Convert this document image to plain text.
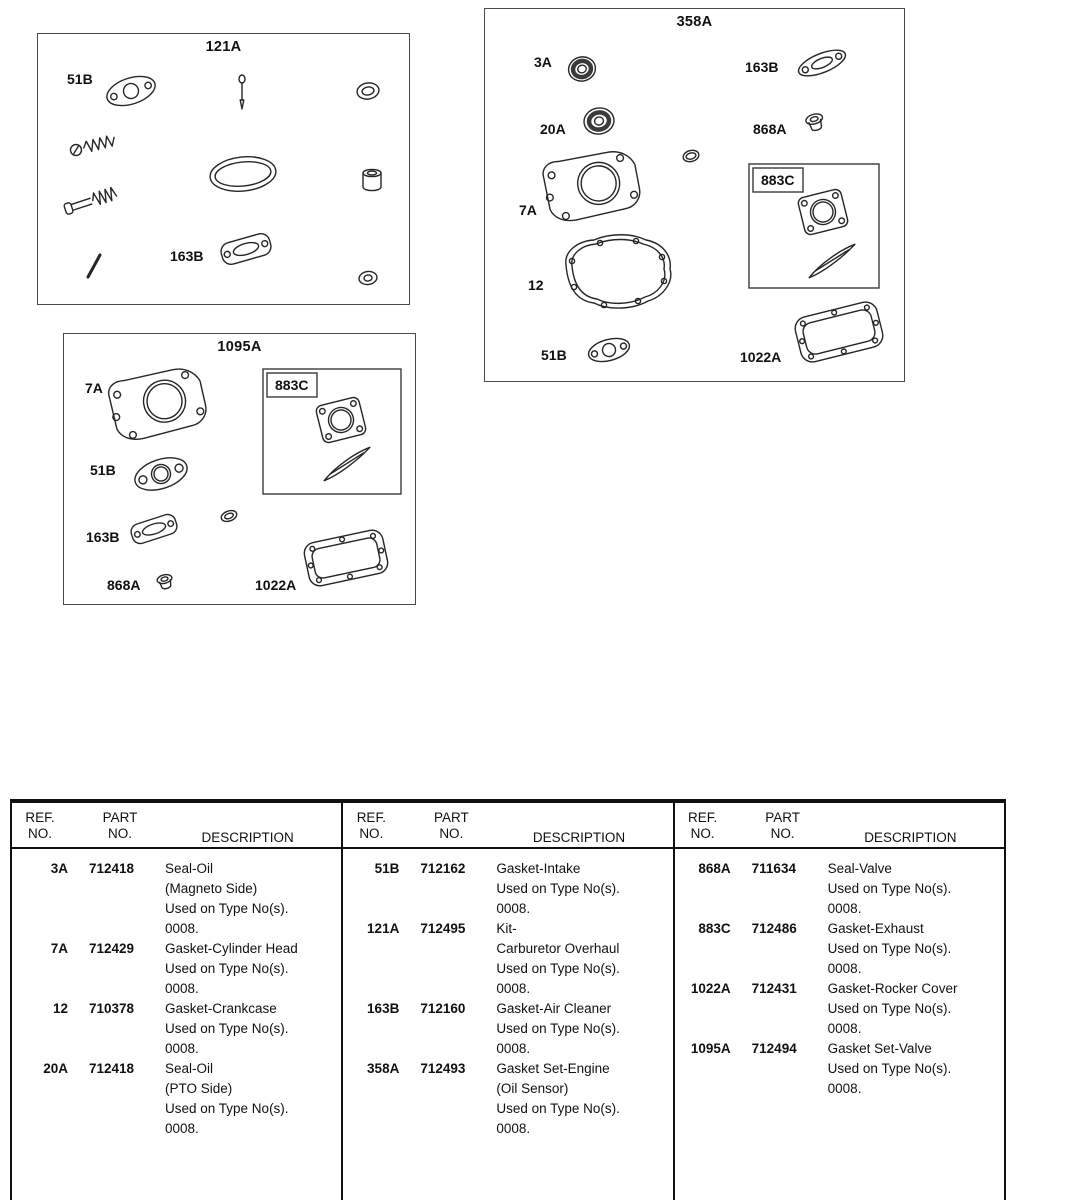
121A
51B
163B
358A
3A	163B
20A	868A
7A
883C
12
51B	1022A
1095A
7A	883C
51B
163B
868A	1022A
REF.
NO.
PART
NO.	DESCRIPTION
3A 712418	Seal-Oil
(Magneto Side)
Used on Type No(s).
0008.
7A 712429	Gasket-Cylinder Head
Used on Type No(s).
0008.
12 710378	Gasket-Crankcase
Used on Type No(s).
0008.
20A 712418	Seal-Oil
(PTO Side)
Used on Type No(s).
0008.
REF.
NO.
PART
NO.	DESCRIPTION
51B 712162	Gasket-Intake
Used on Type No(s).
0008.
121A 712495	Kit-
Carburetor Overhaul
Used on Type No(s).
0008.
163B 712160	Gasket-Air Cleaner
Used on Type No(s).
0008.
358A 712493	Gasket Set-Engine
(Oil Sensor)
Used on Type No(s).
0008.
REF.
NO.
PART
NO.	DESCRIPTION
868A 711634	Seal-Valve
Used on Type No(s).
0008.
883C 712486	Gasket-Exhaust
Used on Type No(s).
0008.
1022A 712431	Gasket-Rocker Cover
Used on Type No(s).
0008.
1095A 712494	Gasket Set-Valve
Used on Type No(s).
0008.
